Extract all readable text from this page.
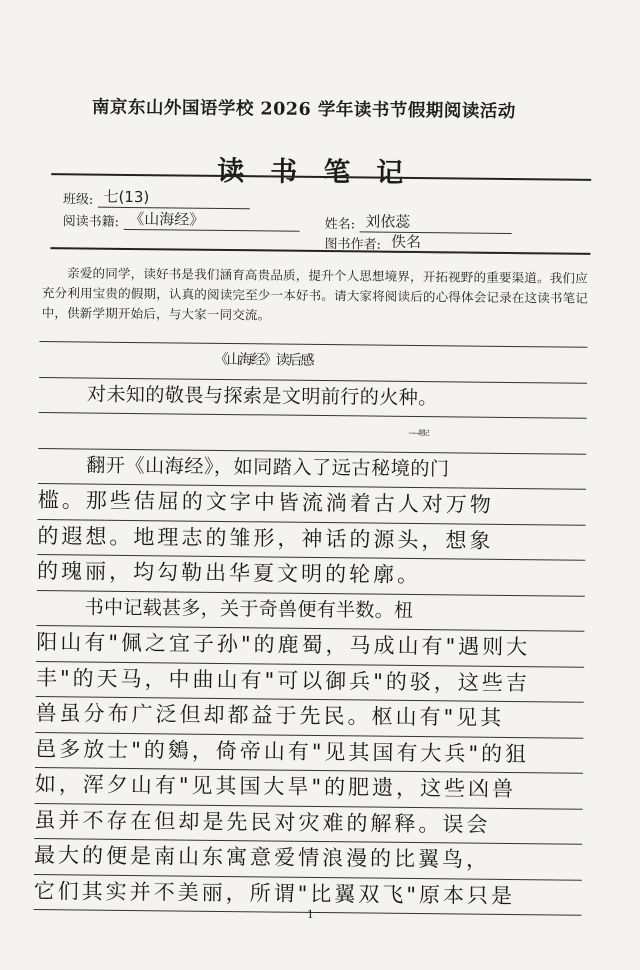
南京东山外国语学校 2026 学年读书节假期阅读活动
读书笔记
班级: 七(13)
阅读书籍: 《山海经》	姓名: 刘依蕊
图书作者: 佚名

亲爱的同学，读好书是我们涵育高贵品质，提升个人思想境界，开拓视野的重要渠道。我们应充分利用宝贵的假期，认真的阅读完至少一本好书。请大家将阅读后的心得体会记录在这读书笔记中，供新学期开始后，与大家一同交流。

《山海经》读后感
对未知的敬畏与探索是文明前行的火种。
——题记
翻开《山海经》，如同踏入了远古秘境的门
槛。那些佶屈的文字中皆流淌着古人对万物
的遐想。地理志的雏形，神话的源头，想象
的瑰丽，均勾勒出华夏文明的轮廓。
书中记载甚多，关于奇兽便有半数。杻
阳山有"佩之宜子孙"的鹿蜀，马成山有"遇则大
丰"的天马，中曲山有"可以御兵"的驳，这些吉
兽虽分布广泛但却都益于先民。枢山有"见其
邑多放士"的鵕，倚帝山有"见其国有大兵"的狙
如，浑夕山有"见其国大旱"的肥遗，这些凶兽
虽并不存在但却是先民对灾难的解释。误会
最大的便是南山东寓意爱情浪漫的比翼鸟，
它们其实并不美丽，所谓"比翼双飞"原本只是
1
